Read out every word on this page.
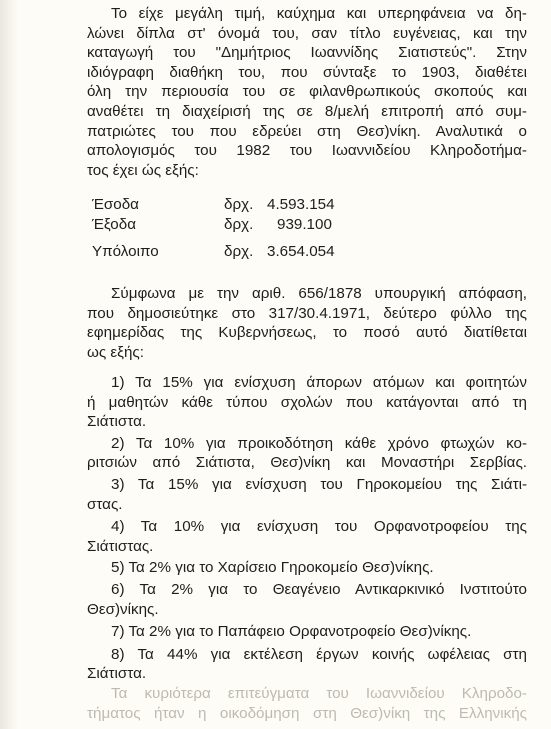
Το είχε μεγάλη τιμή, καύχημα και υπερηφάνεια να δη-

λώνει δίπλα στ' όνομά του, σαν τίτλο ευγένειας, και την

καταγωγή του "Δημήτριος Ιωαννίδης Σιατιστεύς". Στην

ιδιόγραφη διαθήκη του, που σύνταξε το 1903, διαθέτει

όλη την περιουσία του σε φιλανθρωπικούς σκοπούς και

αναθέτει τη διαχείρισή της σε 8/μελή επιτροπή από συμ-

πατριώτες του που εδρεύει στη Θεσ)νίκη. Αναλυτικά ο

απολογισμός του 1982 του Ιωαννιδείου Κληροδοτήμα-

τος έχει ώς εξής:

Έσοδα	δρχ. 4.593.154
Έξοδα	δρχ.	939.100
Υπόλοιπο	δρχ. 3.654.054

Σύμφωνα με την αριθ. 656/1878 υπουργική απόφαση,

που δημοσιεύτηκε στο 317/30.4.1971, δεύτερο φύλλο της

εφημερίδας της Κυβερνήσεως, το ποσό αυτό διατίθεται

ως εξής:

1) Τα 15% για ενίσχυση άπορων ατόμων και φοιτητών

ή μαθητών κάθε τύπου σχολών που κατάγονται από τη

Σιάτιστα.

2) Τα 10% για προικοδότηση κάθε χρόνο φτωχών κο-

ριτσιών από Σιάτιστα, Θεσ)νίκη και Μοναστήρι Σερβίας.

3) Τα 15% για ενίσχυση του Γηροκομείου της Σιάτι-

στας.

4) Τα 10% για ενίσχυση του Ορφανοτροφείου της

Σιάτιστας.

5) Τα 2% για το Χαρίσειο Γηροκομείο Θεσ)νίκης.

6) Τα 2% για το Θεαγένειο Αντικαρκινικό Ινστιτούτο

Θεσ)νίκης.

7) Τα 2% για το Παπάφειο Ορφανοτροφείο Θεσ)νίκης.

8) Τα 44% για εκτέλεση έργων κοινής ωφέλειας στη

Σιάτιστα.

Τα κυριότερα επιτεύγματα του Ιωαννιδείου Κληροδο-

τήματος ήταν η οικοδόμηση στη Θεσ)νίκη της Ελληνικής
